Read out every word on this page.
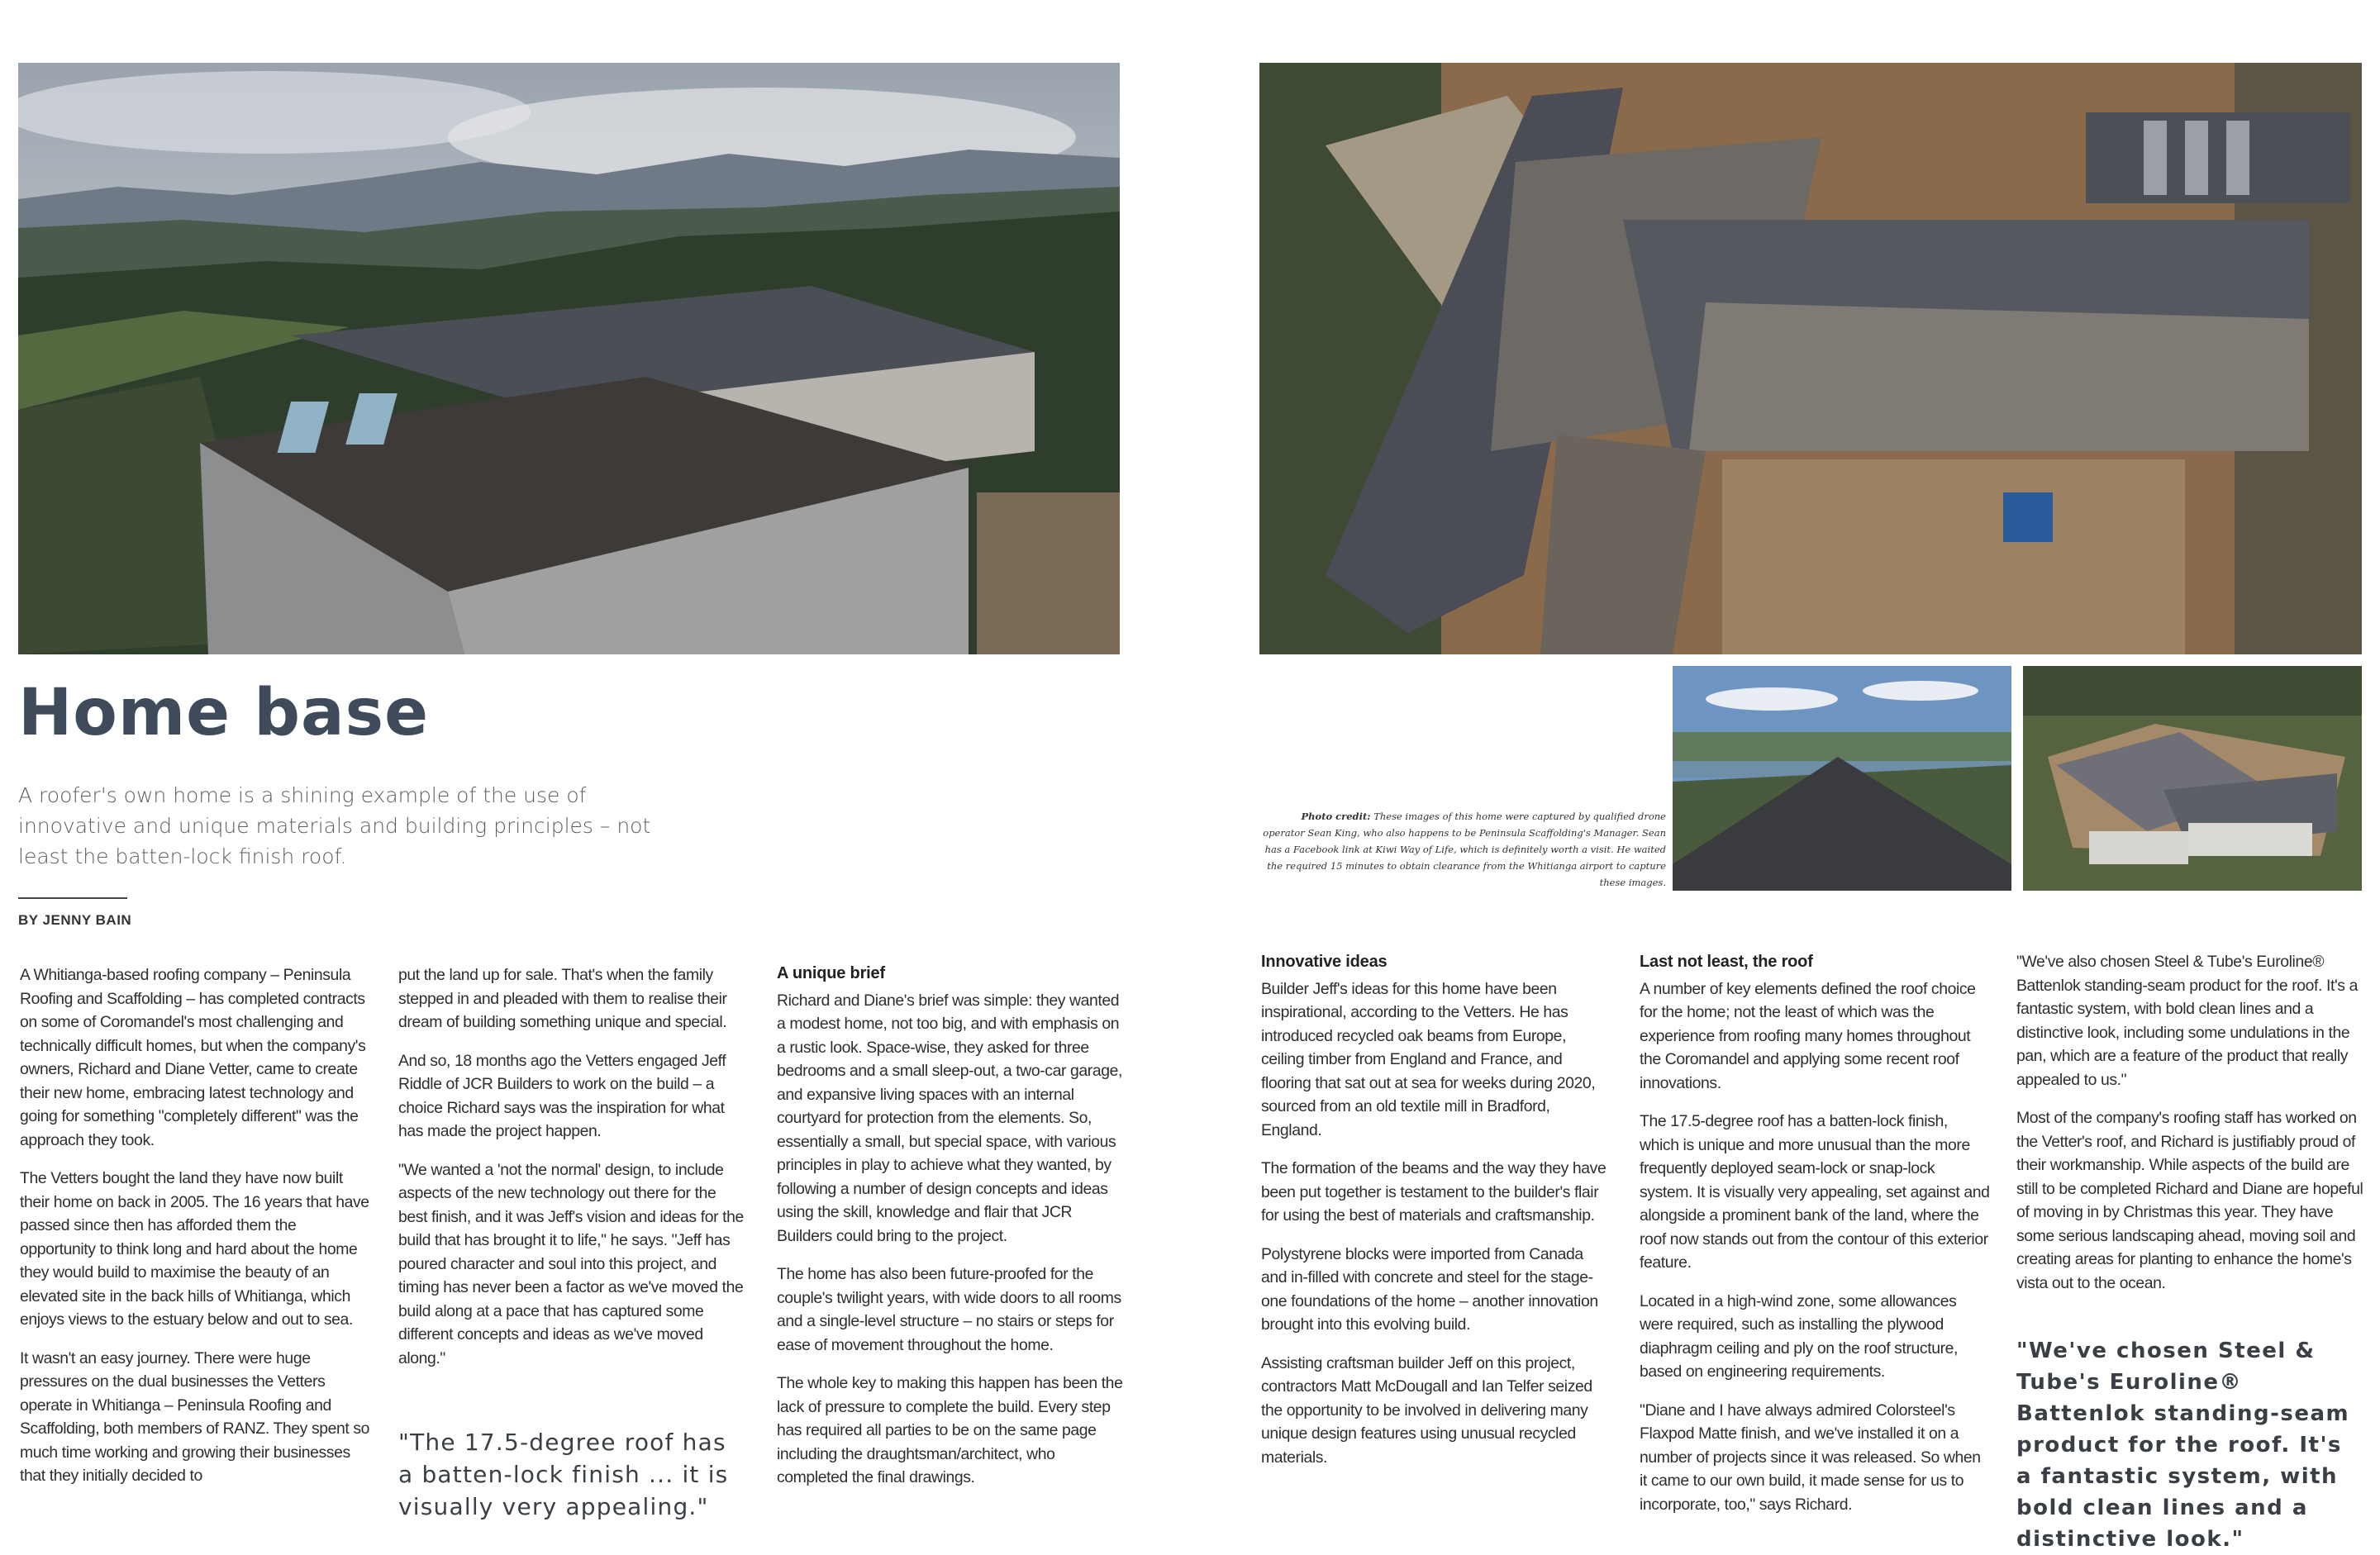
Photo credit: These images of this home were captured by qualified drone operator Sean King, who also happens to be Peninsula Scaffolding's Manager. Sean has a Facebook link at Kiwi Way of Life, which is definitely worth a visit. He waited the required 15 minutes to obtain clearance from the Whitianga airport to capture these images.
Home base
A roofer's own home is a shining example of the use of innovative and unique materials and building principles – not least the batten-lock finish roof.
BY JENNY BAIN

A Whitianga-based roofing company – Peninsula Roofing and Scaffolding – has completed contracts on some of Coromandel's most challenging and technically difficult homes, but when the company's owners, Richard and Diane Vetter, came to create their new home, embracing latest technology and going for something "completely different" was the approach they took.

The Vetters bought the land they have now built their home on back in 2005. The 16 years that have passed since then has afforded them the opportunity to think long and hard about the home they would build to maximise the beauty of an elevated site in the back hills of Whitianga, which enjoys views to the estuary below and out to sea.

It wasn't an easy journey. There were huge pressures on the dual businesses the Vetters operate in Whitianga – Peninsula Roofing and Scaffolding, both members of RANZ. They spent so much time working and growing their businesses that they initially decided to

put the land up for sale. That's when the family stepped in and pleaded with them to realise their dream of building something unique and special.

And so, 18 months ago the Vetters engaged Jeff Riddle of JCR Builders to work on the build – a choice Richard says was the inspiration for what has made the project happen.

"We wanted a 'not the normal' design, to include aspects of the new technology out there for the best finish, and it was Jeff's vision and ideas for the build that has brought it to life," he says. "Jeff has poured character and soul into this project, and timing has never been a factor as we've moved the build along at a pace that has captured some different concepts and ideas as we've moved along."

"The 17.5-degree roof has a batten-lock finish ... it is visually very appealing."
A unique brief

Richard and Diane's brief was simple: they wanted a modest home, not too big, and with emphasis on a rustic look. Space-wise, they asked for three bedrooms and a small sleep-out, a two-car garage, and expansive living spaces with an internal courtyard for protection from the elements. So, essentially a small, but special space, with various principles in play to achieve what they wanted, by following a number of design concepts and ideas using the skill, knowledge and flair that JCR Builders could bring to the project.

The home has also been future-proofed for the couple's twilight years, with wide doors to all rooms and a single-level structure – no stairs or steps for ease of movement throughout the home.

The whole key to making this happen has been the lack of pressure to complete the build. Every step has required all parties to be on the same page including the draughtsman/architect, who completed the final drawings.

Innovative ideas

Builder Jeff's ideas for this home have been inspirational, according to the Vetters. He has introduced recycled oak beams from Europe, ceiling timber from England and France, and flooring that sat out at sea for weeks during 2020, sourced from an old textile mill in Bradford, England.

The formation of the beams and the way they have been put together is testament to the builder's flair for using the best of materials and craftsmanship.

Polystyrene blocks were imported from Canada and in-filled with concrete and steel for the stage-one foundations of the home – another innovation brought into this evolving build.

Assisting craftsman builder Jeff on this project, contractors Matt McDougall and Ian Telfer seized the opportunity to be involved in delivering many unique design features using unusual recycled materials.

Last not least, the roof

A number of key elements defined the roof choice for the home; not the least of which was the experience from roofing many homes throughout the Coromandel and applying some recent roof innovations.

The 17.5-degree roof has a batten-lock finish, which is unique and more unusual than the more frequently deployed seam-lock or snap-lock system. It is visually very appealing, set against and alongside a prominent bank of the land, where the roof now stands out from the contour of this exterior feature.

Located in a high-wind zone, some allowances were required, such as installing the plywood diaphragm ceiling and ply on the roof structure, based on engineering requirements.

"Diane and I have always admired Colorsteel's Flaxpod Matte finish, and we've installed it on a number of projects since it was released. So when it came to our own build, it made sense for us to incorporate, too," says Richard.

"We've also chosen Steel & Tube's Euroline® Battenlok standing-seam product for the roof. It's a fantastic system, with bold clean lines and a distinctive look, including some undulations in the pan, which are a feature of the product that really appealed to us."

Most of the company's roofing staff has worked on the Vetter's roof, and Richard is justifiably proud of their workmanship. While aspects of the build are still to be completed Richard and Diane are hopeful of moving in by Christmas this year. They have some serious landscaping ahead, moving soil and creating areas for planting to enhance the home's vista out to the ocean.

"We've chosen Steel & Tube's Euroline® Battenlok standing-seam product for the roof. It's a fantastic system, with bold clean lines and a distinctive look."
